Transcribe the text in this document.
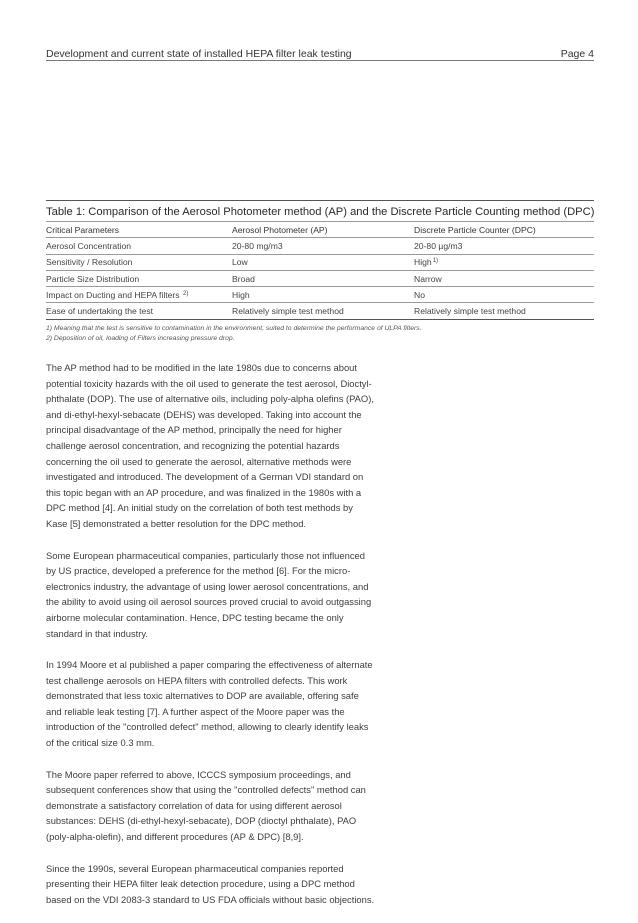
Development and current state of installed HEPA filter leak testing	Page 4
Table 1: Comparison of the Aerosol Photometer method (AP) and the Discrete Particle Counting method (DPC)
Critical Parameters	Aerosol Photometer (AP)	Discrete Particle Counter (DPC)
Aerosol Concentration	20-80 mg/m3	20-80 µg/m3
Sensitivity / Resolution	Low	High$^{1)}$
Particle Size Distribution	Broad	Narrow
Impact on Ducting and HEPA filters $^{2)}$	High	No
Ease of undertaking the test	Relatively simple test method	Relatively simple test method
1) Meaning that the test is sensitive to contamination in the environment, suited to determine the performance of ULPA filters.
2) Deposition of oil, loading of Filters increasing pressure drop.

The AP method had to be modified in the late 1980s due to concerns about potential toxicity hazards with the oil used to generate the test aerosol, Dioctyl-phthalate (DOP). The use of alternative oils, including poly-alpha olefins (PAO), and di-ethyl-hexyl-sebacate (DEHS) was developed. Taking into account the principal disadvantage of the AP method, principally the need for higher challenge aerosol concentration, and recognizing the potential hazards concerning the oil used to generate the aerosol, alternative methods were investigated and introduced. The development of a German VDI standard on this topic began with an AP procedure, and was finalized in the 1980s with a DPC method [4]. An initial study on the correlation of both test methods by Kase [5] demonstrated a better resolution for the DPC method.

Some European pharmaceutical companies, particularly those not influenced by US practice, developed a preference for the method [6]. For the micro-electronics industry, the advantage of using lower aerosol concentrations, and the ability to avoid using oil aerosol sources proved crucial to avoid outgassing airborne molecular contamination. Hence, DPC testing became the only standard in that industry.

In 1994 Moore et al published a paper comparing the effectiveness of alternate test challenge aerosols on HEPA filters with controlled defects. This work demonstrated that less toxic alternatives to DOP are available, offering safe and reliable leak testing [7]. A further aspect of the Moore paper was the introduction of the "controlled defect" method, allowing to clearly identify leaks of the critical size 0.3 mm.

The Moore paper referred to above, ICCCS symposium proceedings, and subsequent conferences show that using the "controlled defects" method can demonstrate a satisfactory correlation of data for using different aerosol substances: DEHS (di-ethyl-hexyl-sebacate), DOP (dioctyl phthalate), PAO (poly-alpha-olefin), and different procedures (AP & DPC) [8,9].

Since the 1990s, several European pharmaceutical companies reported presenting their HEPA filter leak detection procedure, using a DPC method based on the VDI 2083-3 standard to US FDA officials without basic objections.
